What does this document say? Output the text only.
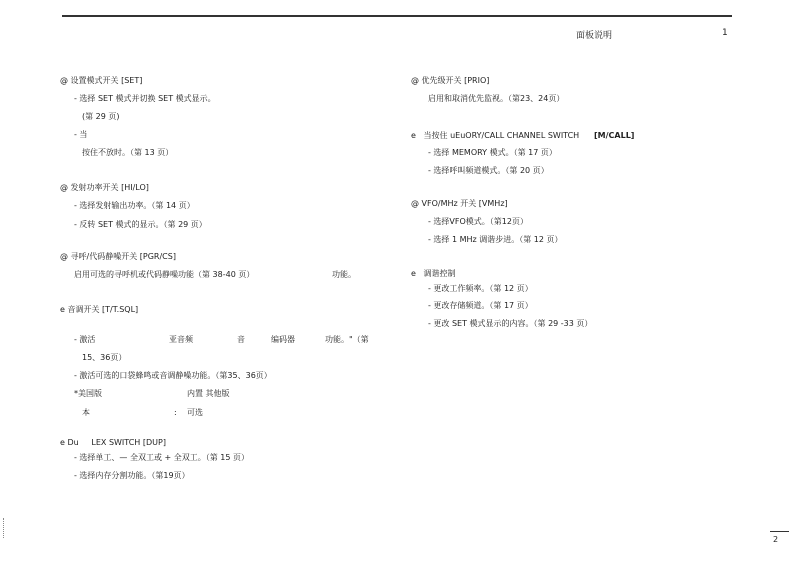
面板说明	1
@ 设置模式开关 [SET]
- 选择 SET 模式并切换 SET 模式显示。
(第 29 页)
- 当
按住不放时。（第 13 页）
@ 发射功率开关 [HI/LO]
- 选择发射输出功率。（第 14 页）
- 反转 SET 模式的显示。（第 29 页）
@ 寻呼/代码静噪开关 [PGR/CS]
启用可选的寻呼机或代码静噪功能（第 38-40 页）	功能。
e 音调开关 [T/T.SQL]
- 激活	亚音频	音	编码器	功能。"（第
15、36页）
- 激活可选的口袋蜂鸣或音调静噪功能。（第35、36页）
*美国版	内置 其他版
本	: 可选
e Du     LEX SWITCH [DUP]
- 选择单工、— 全双工或 + 全双工。（第 15 页）
- 选择内存分割功能。（第19页）
@ 优先级开关 [PRIO]
启用和取消优先监视。（第23、24页）
e   当按住 uEuORY/CALL CHANNEL SWITCH [M/CALL]
- 选择 MEMORY 模式。（第 17 页）
- 选择呼叫频道模式。（第 20 页）
@ VFO/MHz 开关 [VMHz]
- 选择VFO模式。（第12页）
- 选择 1 MHz 调谐步进。（第 12 页）
e   调谐控制
- 更改工作频率。（第 12 页）
- 更改存储频道。（第 17 页）
- 更改 SET 模式显示的内容。（第 29 -33 页）
2
